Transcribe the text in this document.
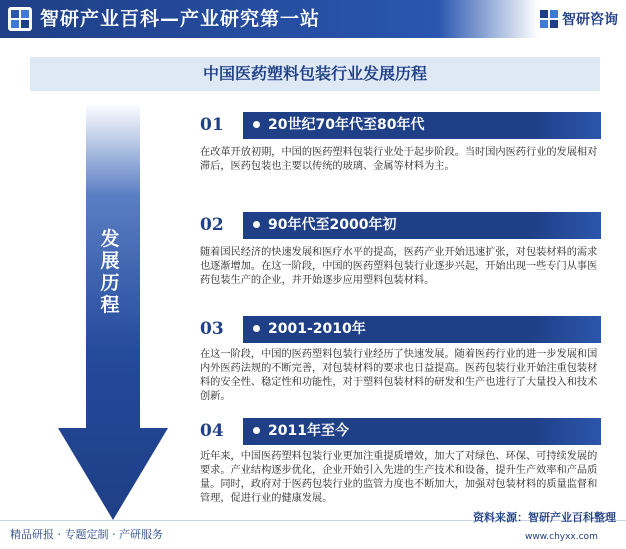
智研产业百科—产业研究第一站	智研咨询
中国医药塑料包装行业发展历程
发展历程
01	20世纪70年代至80年代
在改革开放初期，中国的医药塑料包装行业处于起步阶段。当时国内医药行业的发展相对滞后，医药包装也主要以传统的玻璃、金属等材料为主。
02	90年代至2000年初
随着国民经济的快速发展和医疗水平的提高，医药产业开始迅速扩张，对包装材料的需求也逐渐增加。在这一阶段，中国的医药塑料包装行业逐步兴起，开始出现一些专门从事医药包装生产的企业，并开始逐步应用塑料包装材料。
03	2001-2010年
在这一阶段，中国的医药塑料包装行业经历了快速发展。随着医药行业的进一步发展和国内外医药法规的不断完善，对包装材料的要求也日益提高。医药包装行业开始注重包装材料的安全性、稳定性和功能性，对于塑料包装材料的研发和生产也进行了大量投入和技术创新。
04	2011年至今
近年来，中国医药塑料包装行业更加注重提质增效，加大了对绿色、环保、可持续发展的要求。产业结构逐步优化，企业开始引入先进的生产技术和设备，提升生产效率和产品质量。同时，政府对于医药包装行业的监管力度也不断加大，加强对包装材料的质量监督和管理，促进行业的健康发展。
精品研报 · 专题定制 · 产研服务
资料来源：智研产业百科整理
www.chyxx.com
